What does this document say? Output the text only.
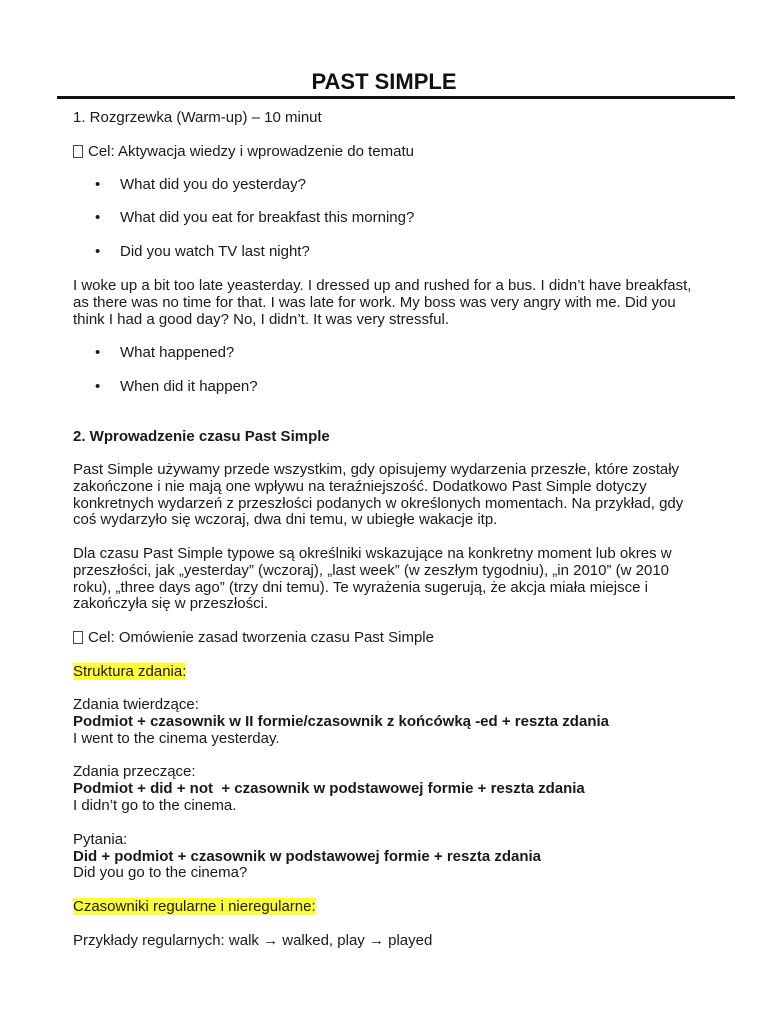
PAST SIMPLE
1. Rozgrzewka (Warm-up) – 10 minut
Cel: Aktywacja wiedzy i wprowadzenie do tematu
• What did you do yesterday?
• What did you eat for breakfast this morning?
• Did you watch TV last night?
I woke up a bit too late yeasterday. I dressed up and rushed for a bus. I didn’t have breakfast, as there was no time for that. I was late for work. My boss was very angry with me. Did you think I had a good day? No, I didn’t. It was very stressful.
• What happened?
• When did it happen?
2. Wprowadzenie czasu Past Simple
Past Simple używamy przede wszystkim, gdy opisujemy wydarzenia przeszłe, które zostały zakończone i nie mają one wpływu na teraźniejszość. Dodatkowo Past Simple dotyczy konkretnych wydarzeń z przeszłości podanych w określonych momentach. Na przykład, gdy coś wydarzyło się wczoraj, dwa dni temu, w ubiegłe wakacje itp.
Dla czasu Past Simple typowe są określniki wskazujące na konkretny moment lub okres w przeszłości, jak „yesterday” (wczoraj), „last week” (w zeszłym tygodniu), „in 2010” (w 2010 roku), „three days ago” (trzy dni temu). Te wyrażenia sugerują, że akcja miała miejsce i zakończyła się w przeszłości.
Cel: Omówienie zasad tworzenia czasu Past Simple
Struktura zdania:
Zdania twierdzące:
Podmiot + czasownik w II formie/czasownik z końcówką -ed + reszta zdania
I went to the cinema yesterday.
Zdania przeczące:
Podmiot + did + not  + czasownik w podstawowej formie + reszta zdania
I didn’t go to the cinema.
Pytania:
Did + podmiot + czasownik w podstawowej formie + reszta zdania
Did you go to the cinema?
Czasowniki regularne i nieregularne:
Przykłady regularnych: walk → walked, play → played
